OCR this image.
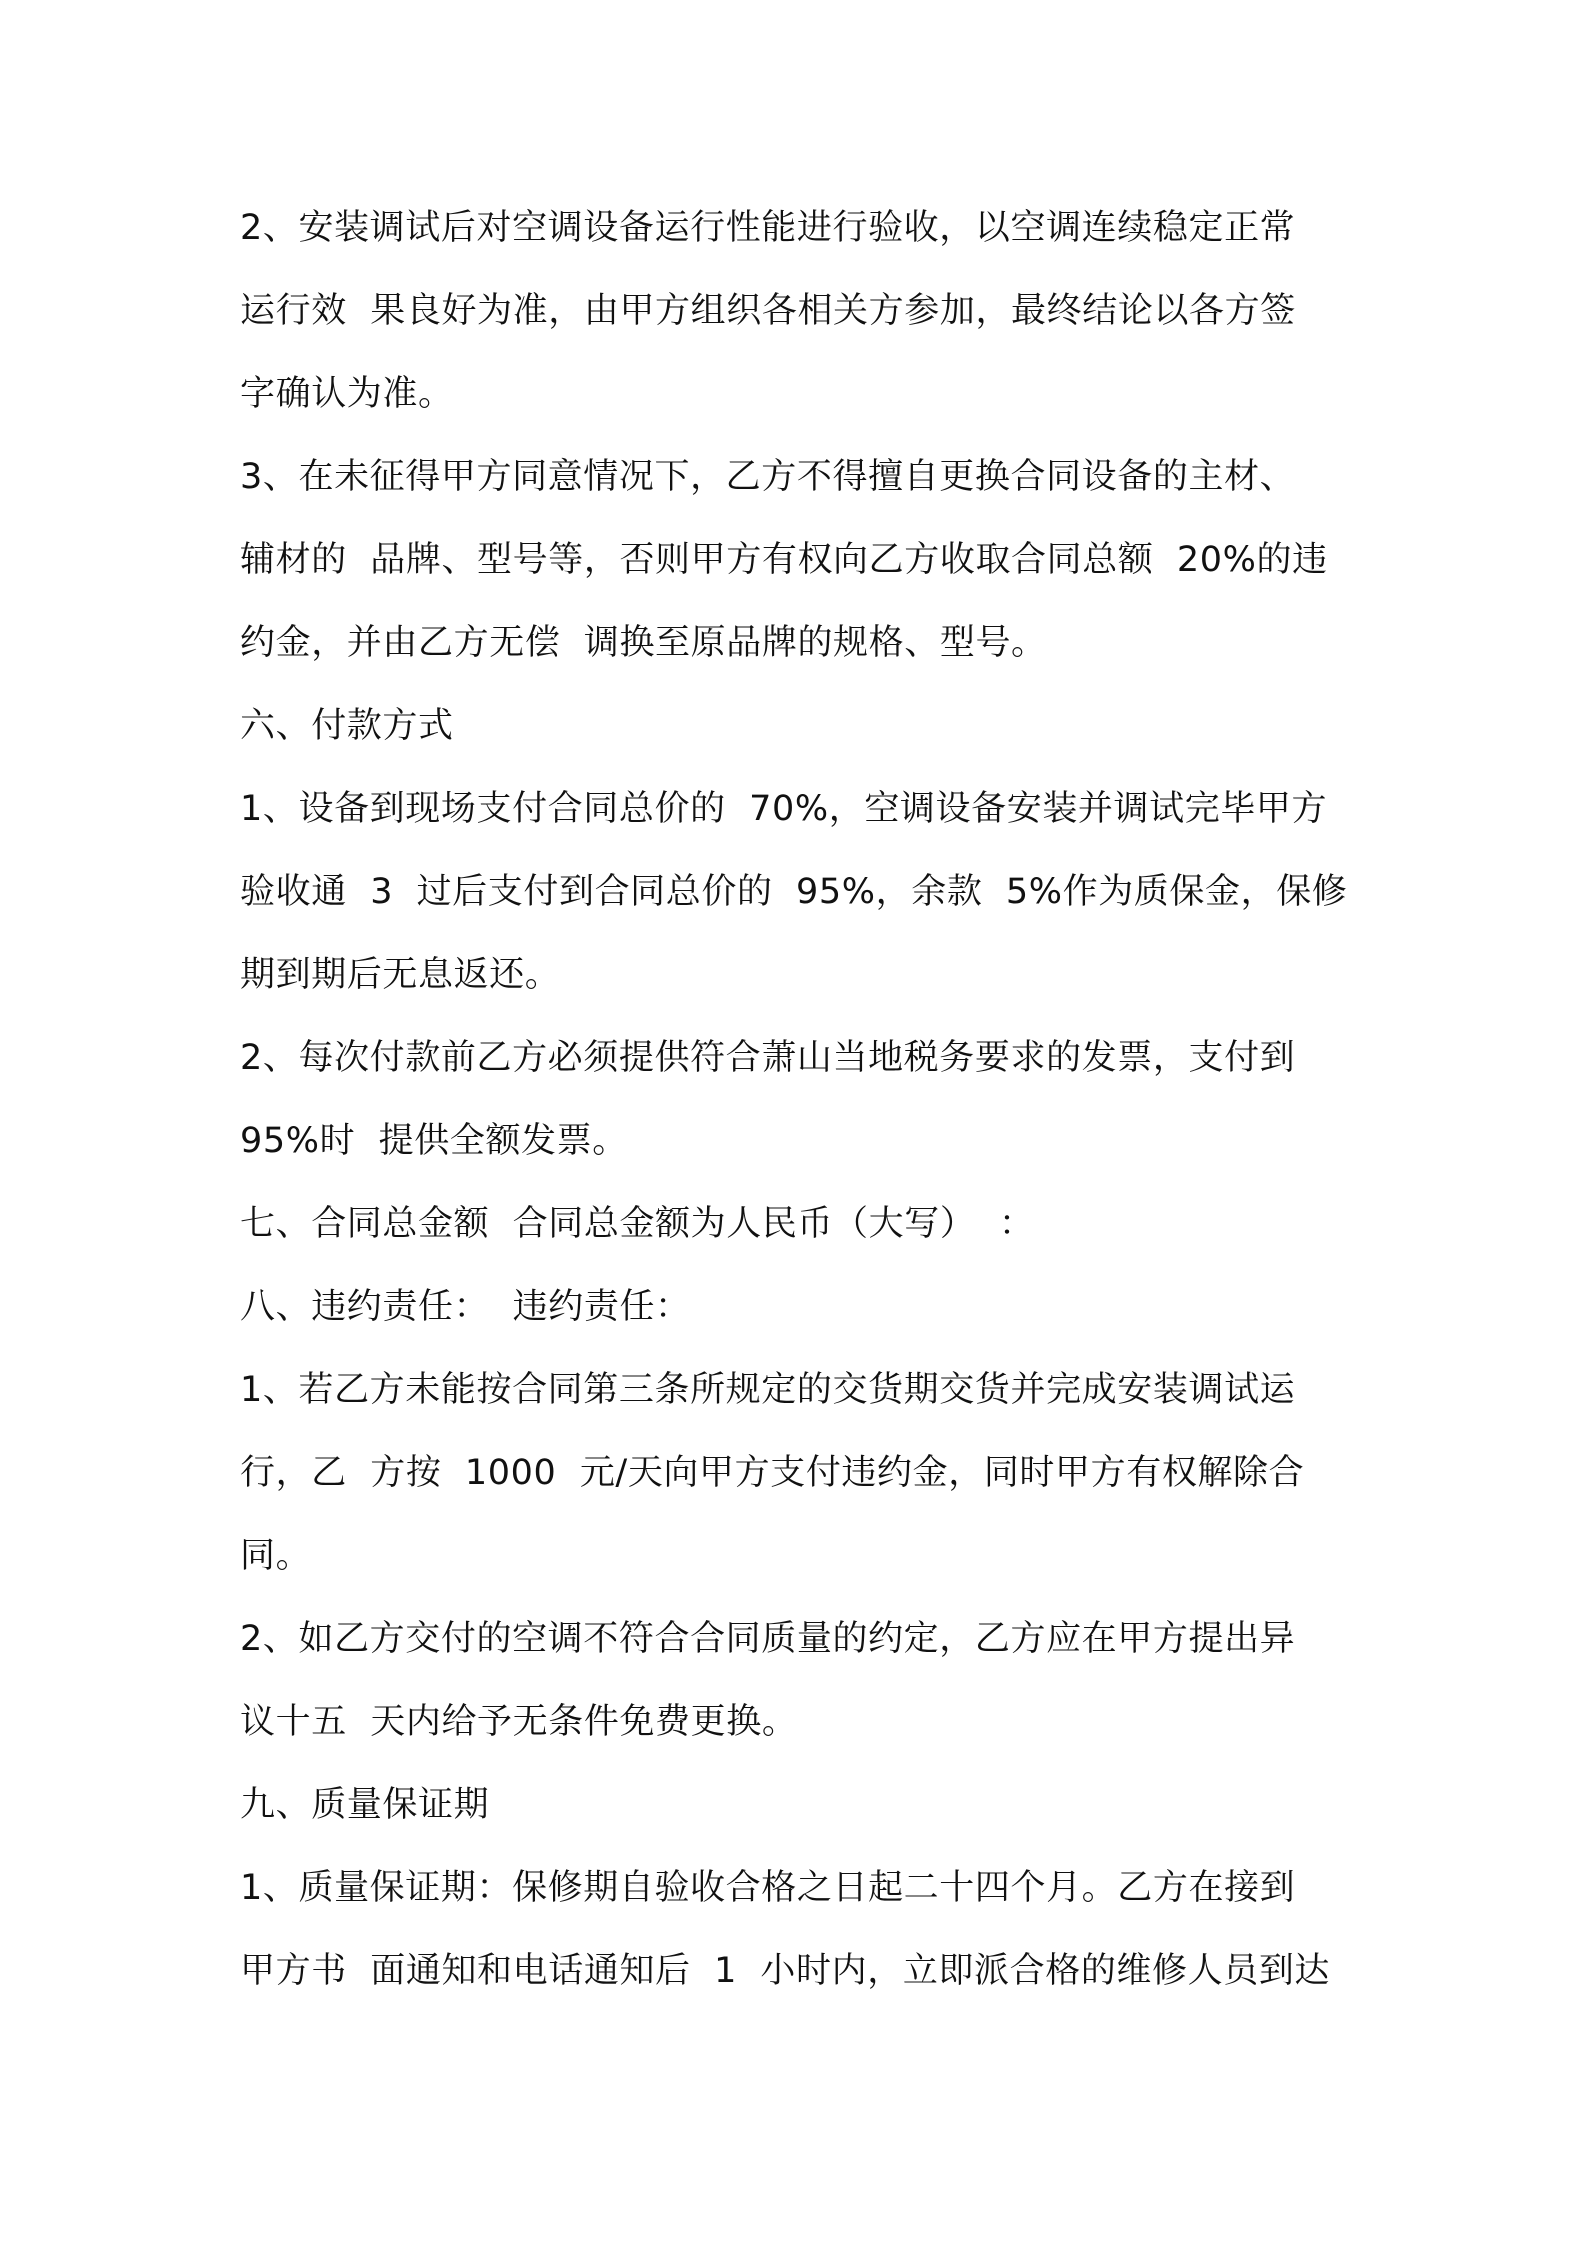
2、安装调试后对空调设备运行性能进行验收，以空调连续稳定正常
运行效  果良好为准，由甲方组织各相关方参加，最终结论以各方签
字确认为准。
3、在未征得甲方同意情况下，乙方不得擅自更换合同设备的主材、
辅材的  品牌、型号等，否则甲方有权向乙方收取合同总额  20%的违
约金，并由乙方无偿  调换至原品牌的规格、型号。
六、付款方式
1、设备到现场支付合同总价的  70%，空调设备安装并调试完毕甲方
验收通  3  过后支付到合同总价的  95%，余款  5%作为质保金，保修
期到期后无息返还。
2、每次付款前乙方必须提供符合萧山当地税务要求的发票，支付到
95%时  提供全额发票。
七、合同总金额  合同总金额为人民币（大写）  ：
八、违约责任：  违约责任：
1、若乙方未能按合同第三条所规定的交货期交货并完成安装调试运
行，乙  方按  1000  元/天向甲方支付违约金，同时甲方有权解除合
同。
2、如乙方交付的空调不符合合同质量的约定，乙方应在甲方提出异
议十五  天内给予无条件免费更换。
九、质量保证期
1、质量保证期：保修期自验收合格之日起二十四个月。乙方在接到
甲方书  面通知和电话通知后  1  小时内，立即派合格的维修人员到达
